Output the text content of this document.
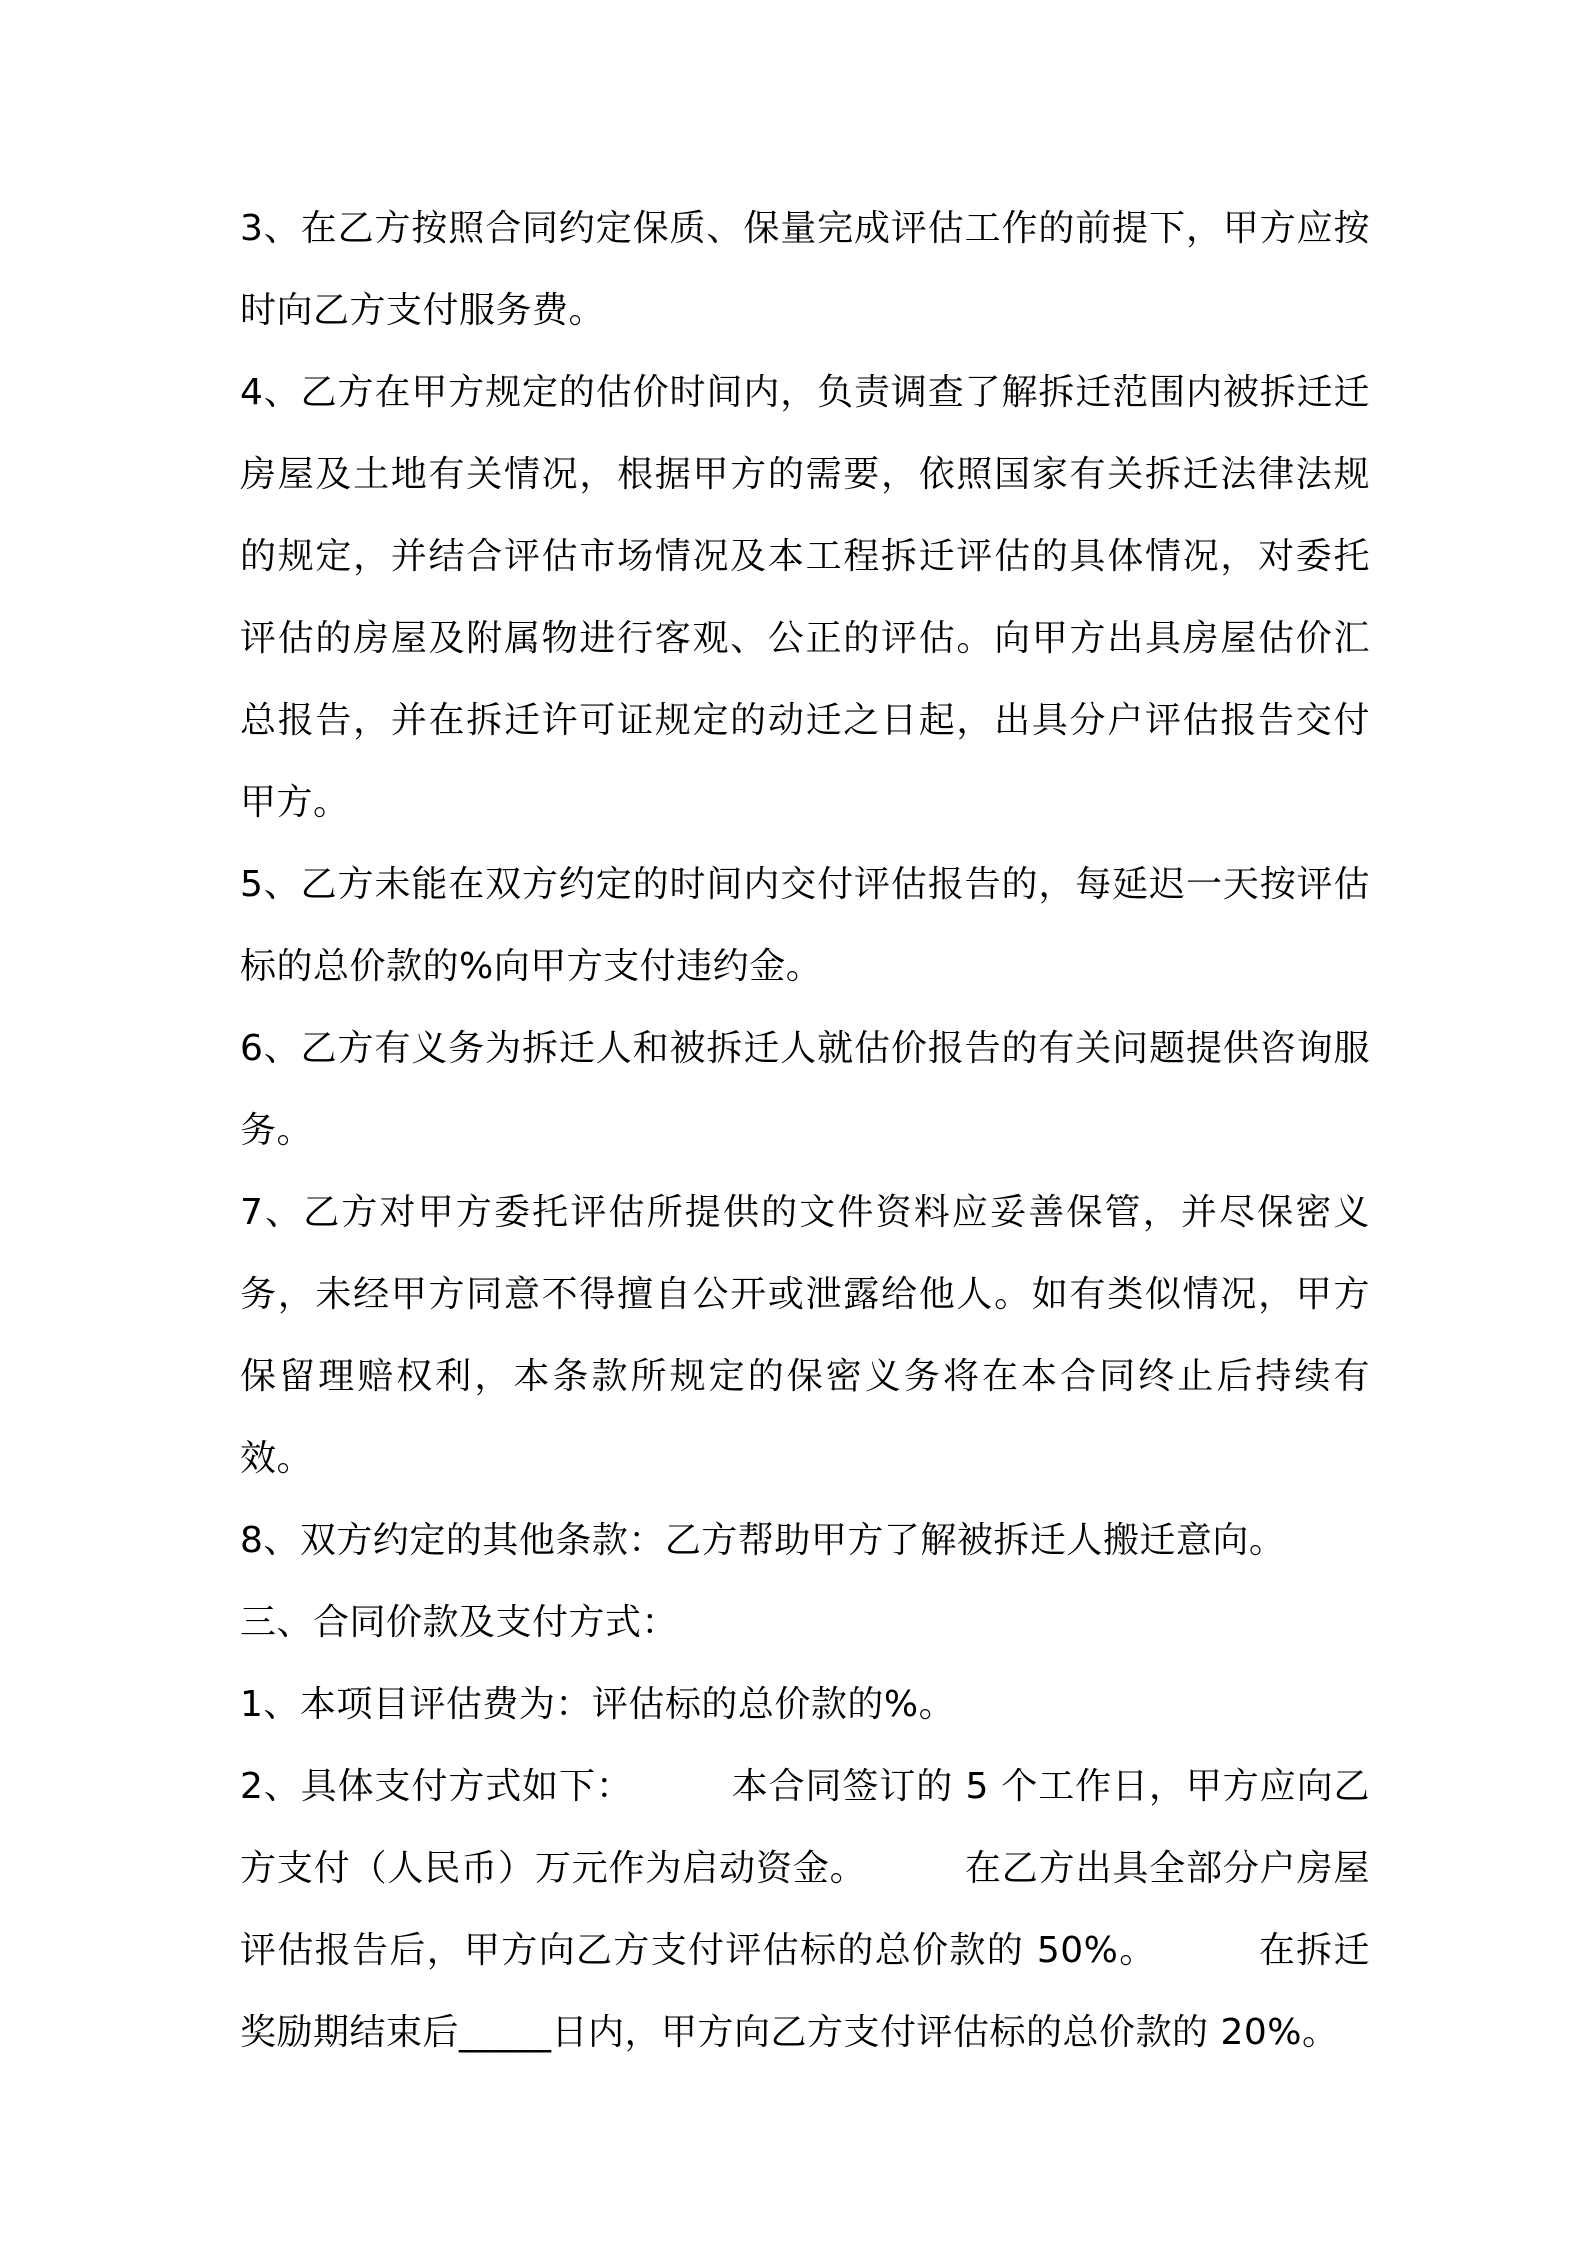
3、在乙方按照合同约定保质、保量完成评估工作的前提下，甲方应按时向乙方支付服务费。

4、乙方在甲方规定的估价时间内，负责调查了解拆迁范围内被拆迁迁房屋及土地有关情况，根据甲方的需要，依照国家有关拆迁法律法规的规定，并结合评估市场情况及本工程拆迁评估的具体情况，对委托评估的房屋及附属物进行客观、公正的评估。向甲方出具房屋估价汇总报告，并在拆迁许可证规定的动迁之日起，出具分户评估报告交付甲方。

5、乙方未能在双方约定的时间内交付评估报告的，每延迟一天按评估标的总价款的%向甲方支付违约金。

6、乙方有义务为拆迁人和被拆迁人就估价报告的有关问题提供咨询服务。

7、乙方对甲方委托评估所提供的文件资料应妥善保管，并尽保密义务，未经甲方同意不得擅自公开或泄露给他人。如有类似情况，甲方保留理赔权利，本条款所规定的保密义务将在本合同终止后持续有效。

8、双方约定的其他条款：乙方帮助甲方了解被拆迁人搬迁意向。

三、合同价款及支付方式：

1、本项目评估费为：评估标的总价款的%。

2、具体支付方式如下：        本合同签订的 5 个工作日，甲方应向乙方支付（人民币）万元作为启动资金。        在乙方出具全部分户房屋评估报告后，甲方向乙方支付评估标的总价款的 50%。        在拆迁奖励期结束后_____日内，甲方向乙方支付评估标的总价款的 20%。
